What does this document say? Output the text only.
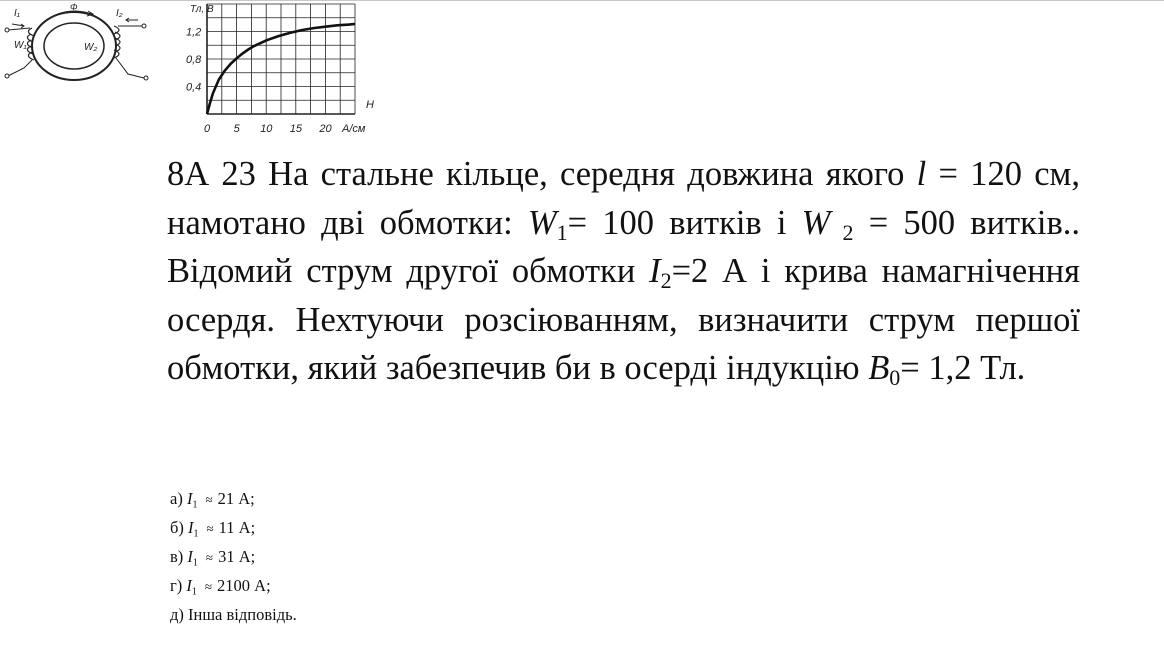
I₁
Φ
I₂
W₁	W₂
0 5 10 15 20
0,4
0,8
1,2
Тл, В
H
А/см

8А 23 На стальне кільце, середня довжина якого l = 120 см, намотано дві обмотки: $W_1= 100$ витків і W $_2$ = 500 витків.. Відомий струм другої обмотки $I_2=2$ А і крива намагнічення осердя. Нехтуючи розсіюванням, визначити струм першої обмотки, який забезпечив би в осерді індукцію $B_0= 1,2$ Тл.

а) $I_1 \approx 21$ А;
б) $I_1 \approx 11$ А;
в) $I_1 \approx 31$ А;
г) $I_1 \approx 2100$ А;
д) Інша відповідь.
